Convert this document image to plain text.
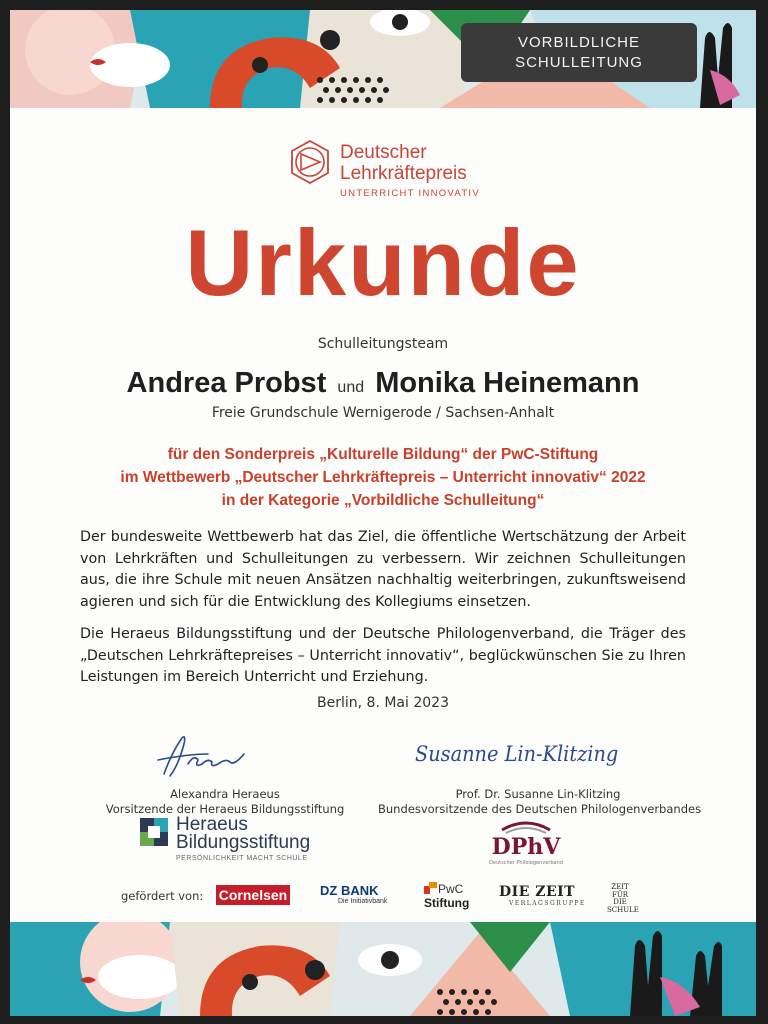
VORBILDLICHE
SCHULLEITUNG
Deutscher
Lehrkräftepreis
UNTERRICHT INNOVATIV
Urkunde
Schulleitungsteam
Andrea Probst und Monika Heinemann
Freie Grundschule Wernigerode / Sachsen-Anhalt
für den Sonderpreis „Kulturelle Bildung“ der PwC-Stiftung
im Wettbewerb „Deutscher Lehrkräftepreis – Unterricht innovativ“ 2022
in der Kategorie „Vorbildliche Schulleitung“
Der bundesweite Wettbewerb hat das Ziel, die öffentliche Wertschätzung der Arbeit von Lehrkräften und Schulleitungen zu verbessern. Wir zeichnen Schulleitungen aus, die ihre Schule mit neuen Ansätzen nachhaltig weiterbringen, zukunftsweisend agieren und sich für die Entwicklung des Kollegiums einsetzen.
Die Heraeus Bildungsstiftung und der Deutsche Philologenverband, die Träger des „Deutschen Lehrkräftepreises – Unterricht innovativ“, beglückwünschen Sie zu Ihren Leistungen im Bereich Unterricht und Erziehung.
Berlin, 8. Mai 2023
Susanne Lin-Klitzing
Alexandra Heraeus
Vorsitzende der Heraeus Bildungsstiftung
Prof. Dr. Susanne Lin-Klitzing
Bundesvorsitzende des Deutschen Philologenverbandes
Heraeus
Bildungsstiftung
PERSÖNLICHKEIT MACHT SCHULE	DPhV
Deutscher Philologenverband
gefördert von: Cornelsen	DZ BANK
Die Initiativbank
PwC
Stiftung
DIE ZEIT
VERLAGSGRUPPE
ZEIT FÜR DIE SCHULE
